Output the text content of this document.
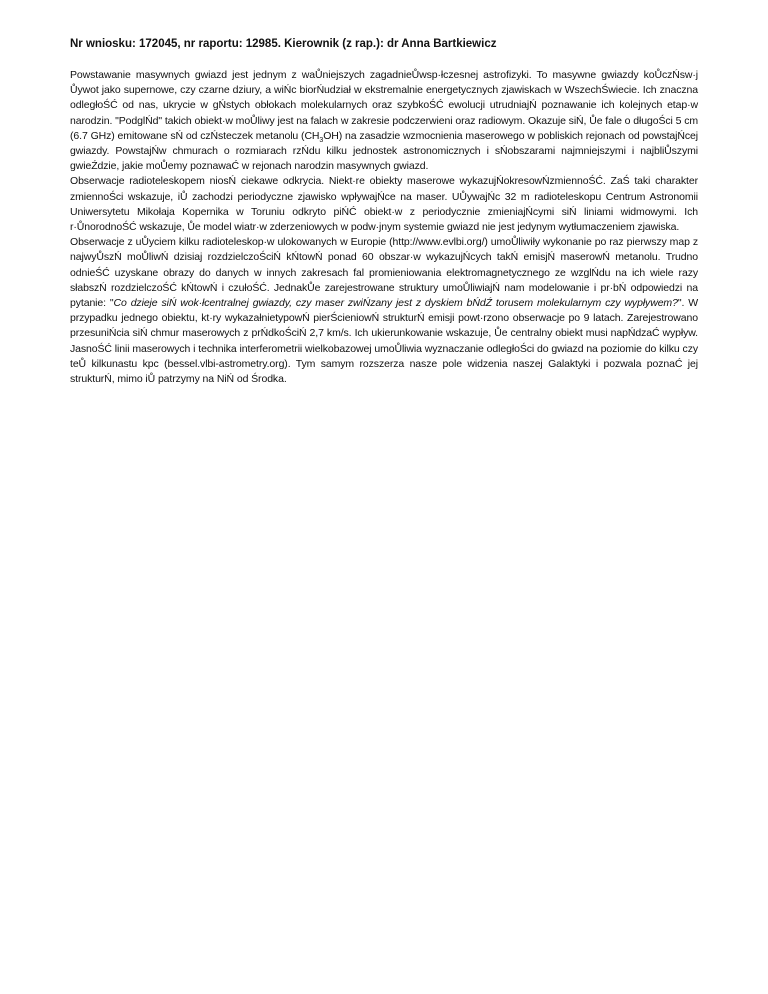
Nr wniosku: 172045, nr raportu: 12985. Kierownik (z rap.): dr Anna Bartkiewicz
Powstawanie masywnych gwiazd jest jednym z waŮniejszych zagadnieŮwsp·łczesnej astrofizyki. To masywne gwiazdy koŮczŃsw·j Ůywot jako supernowe, czy czarne dziury, a wiŃc biorŃudział w ekstremalnie energetycznych zjawiskach w WszechŚwiecie. Ich znaczna odległoŚĆ od nas, ukrycie w gŃstych obłokach molekularnych oraz szybkoŚĆ ewolucji utrudniajŃ poznawanie ich kolejnych etap·w narodzin. "PodglŃd" takich obiekt·w moŮliwy jest na falach w zakresie podczerwieni oraz radiowym. Okazuje siŃ, Ůe fale o długoŚci 5 cm (6.7 GHz) emitowane sŃ od czŃsteczek metanolu $(CH_3OH)$ na zasadzie wzmocnienia maserowego w pobliskich rejonach od powstajŃcej gwiazdy. PowstajŃw chmurach o rozmiarach rzŃdu kilku jednostek astronomicznych i sŃobszarami najmniejszymi i najbliŮszymi gwieŹdzie, jakie moŮemy poznawaĆ w rejonach narodzin masywnych gwiazd.
Obserwacje radioteleskopem niosŃ ciekawe odkrycia. Niekt·re obiekty maserowe wykazujŃokresowŃzmiennoŚĆ. ZaŚ taki charakter zmiennoŚci wskazuje, iŮ zachodzi periodyczne zjawisko wpływajŃce na maser. UŮywajŃc 32 m radioteleskopu Centrum Astronomii Uniwersytetu Mikołaja Kopernika w Toruniu odkryto piŃĆ obiekt·w z periodycznie zmieniajŃcymi siŃ liniami widmowymi. Ich r·ŮnorodnoŚĆ wskazuje, Ůe model wiatr·w zderzeniowych w podw·jnym systemie gwiazd nie jest jedynym wytłumaczeniem zjawiska.
Obserwacje z uŮyciem kilku radioteleskop·w ulokowanych w Europie (http://www.evlbi.org/) umoŮliwiły wykonanie po raz pierwszy map z najwyŮszŃ moŮliwŃ dzisiaj rozdzielczoŚciŃ kŃtowŃ ponad 60 obszar·w wykazujŃcych takŃ emisjŃ maserowŃ metanolu. Trudno odnieŚĆ uzyskane obrazy do danych w innych zakresach fal promieniowania elektromagnetycznego ze wzglŃdu na ich wiele razy słabszŃ rozdzielczoŚĆ kŃtowŃ i czułoŚĆ. JednakŮe zarejestrowane struktury umoŮliwiajŃ nam modelowanie i pr·bŃ odpowiedzi na pytanie: "Co dzieje siŃ wok·łcentralnej gwiazdy, czy maser zwiŃzany jest z dyskiem bŃdŹ torusem molekularnym czy wypływem?". W przypadku jednego obiektu, kt·ry wykazałnietypowŃ pierŚcieniowŃ strukturŃ emisji powt·rzono obserwacje po 9 latach. Zarejestrowano przesuniŃcia siŃ chmur maserowych z prŃdkoŚciŃ 2,7 km/s. Ich ukierunkowanie wskazuje, Ůe centralny obiekt musi napŃdzaĆ wypływ. JasnoŚĆ linii maserowych i technika interferometrii wielkobazowej umoŮliwia wyznaczanie odległoŚci do gwiazd na poziomie do kilku czy teŮ kilkunastu kpc (bessel.vlbi-astrometry.org). Tym samym rozszerza nasze pole widzenia naszej Galaktyki i pozwala poznaĆ jej strukturŃ, mimo iŮ patrzymy na NiŃ od Środka.
